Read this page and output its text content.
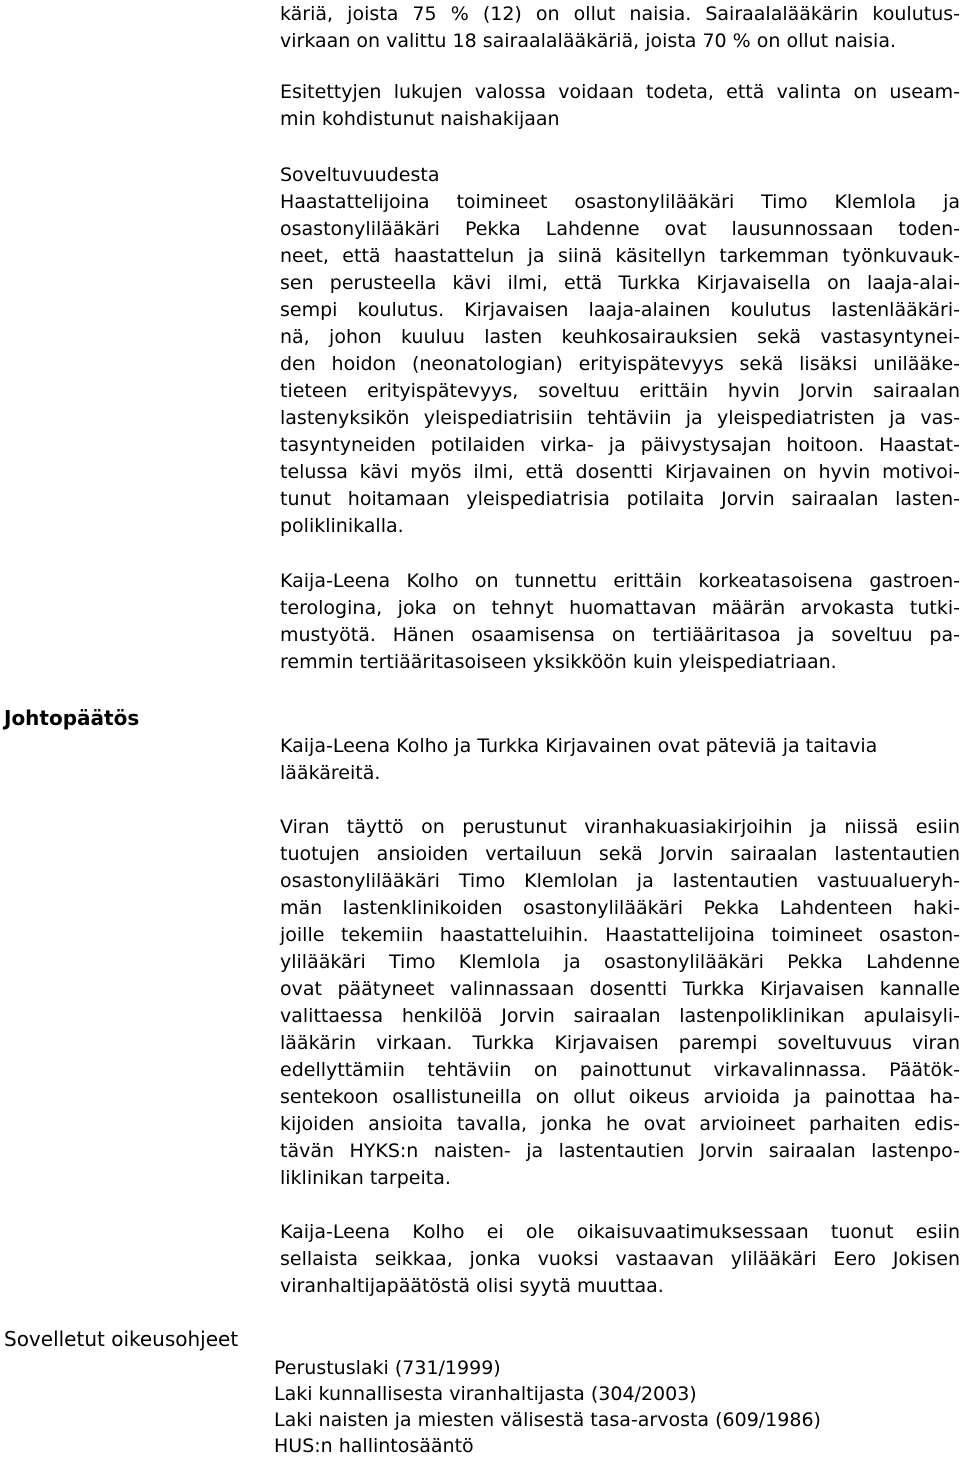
käriä, joista 75 % (12) on ollut naisia. Sairaalalääkärin koulutus-
virkaan on valittu 18 sairaalalääkäriä, joista 70 % on ollut naisia.
Esitettyjen lukujen valossa voidaan todeta, että valinta on useam-
min kohdistunut naishakijaan
Soveltuvuudesta
Haastattelijoina toimineet osastonylilääkäri Timo Klemlola ja
osastonylilääkäri Pekka Lahdenne ovat lausunnossaan toden-
neet, että haastattelun ja siinä käsitellyn tarkemman työnkuvauk-
sen perusteella kävi ilmi, että Turkka Kirjavaisella on laaja-alai-
sempi koulutus. Kirjavaisen laaja-alainen koulutus lastenlääkäri-
nä, johon kuuluu lasten keuhkosairauksien sekä vastasyntynei-
den hoidon (neonatologian) erityispätevyys sekä lisäksi unilääke-
tieteen erityispätevyys, soveltuu erittäin hyvin Jorvin sairaalan
lastenyksikön yleispediatrisiin tehtäviin ja yleispediatristen ja vas-
tasyntyneiden potilaiden virka- ja päivystysajan hoitoon. Haastat-
telussa kävi myös ilmi, että dosentti Kirjavainen on hyvin motivoi-
tunut hoitamaan yleispediatrisia potilaita Jorvin sairaalan lasten-
poliklinikalla.
Kaija-Leena Kolho on tunnettu erittäin korkeatasoisena gastroen-
terologina, joka on tehnyt huomattavan määrän arvokasta tutki-
mustyötä. Hänen osaamisensa on tertiääritasoa ja soveltuu pa-
remmin tertiääritasoiseen yksikköön kuin yleispediatriaan.
Johtopäätös
Kaija-Leena Kolho ja Turkka Kirjavainen ovat päteviä ja taitavia
lääkäreitä.
Viran täyttö on perustunut viranhakuasiakirjoihin ja niissä esiin
tuotujen ansioiden vertailuun sekä Jorvin sairaalan lastentautien
osastonylilääkäri Timo Klemlolan ja lastentautien vastuualueryh-
män lastenklinikoiden osastonylilääkäri Pekka Lahdenteen haki-
joille tekemiin haastatteluihin. Haastattelijoina toimineet osaston-
ylilääkäri Timo Klemlola ja osastonylilääkäri Pekka Lahdenne
ovat päätyneet valinnassaan dosentti Turkka Kirjavaisen kannalle
valittaessa henkilöä Jorvin sairaalan lastenpoliklinikan apulaisyli-
lääkärin virkaan. Turkka Kirjavaisen parempi soveltuvuus viran
edellyttämiin tehtäviin on painottunut virkavalinnassa. Päätök-
sentekoon osallistuneilla on ollut oikeus arvioida ja painottaa ha-
kijoiden ansioita tavalla, jonka he ovat arvioineet parhaiten edis-
tävän HYKS:n naisten- ja lastentautien Jorvin sairaalan lastenpo-
liklinikan tarpeita.
Kaija-Leena Kolho ei ole oikaisuvaatimuksessaan tuonut esiin
sellaista seikkaa, jonka vuoksi vastaavan ylilääkäri Eero Jokisen
viranhaltijapäätöstä olisi syytä muuttaa.
Sovelletut oikeusohjeet
Perustuslaki (731/1999)
Laki kunnallisesta viranhaltijasta (304/2003)
Laki naisten ja miesten välisestä tasa-arvosta (609/1986)
HUS:n hallintosääntö
